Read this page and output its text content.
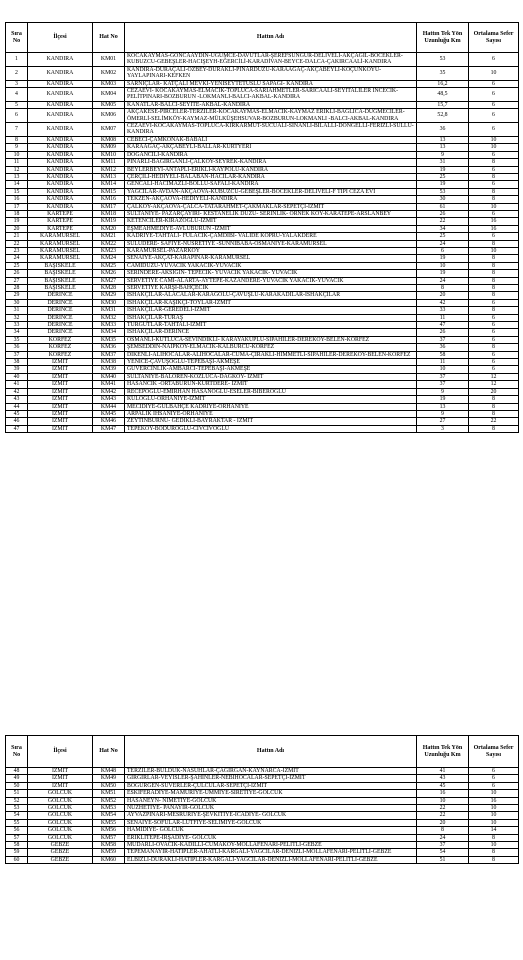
Sıra No	İlçesi	Hat No	Hattın Adı	Hattın Tek Yön Uzunluğu Km	Ortalama Sefer Sayısı
1	KANDIRA	KM01	KOCAKAYMAS-GONCAAYDIN-ÜĞÜMCE-DAVUTLAR-ŞEREFSUNGUR-DELİVELİ-AKÇAĞIL-BÖCEKLER-KUBUZCU-GEBEŞLER-HACIŞEYH-EĞERCİLİ-KARADİVAN-BEYCE-DALCA-ÇAKIRCAALİ-KANDIRA	53	6
2	KANDIRA	KM02	KANDIRA-DURAÇALI-ÖZBEY-DURAKLI-PINARDÜZÜ-KARAAĞAÇ-AKÇABEYLİ-KOÇUNKÖYÜ-YAYLAPINARI-KEFKEN	35	10
3	KANDIRA	KM03	SARNIÇLAR- KATÇALI MEVKİ-YENİSEYTETÜSLÜ SAPAĞI- KANDIRA	16,2	6
4	KANDIRA	KM04	CEZAEVİ- KOCAKAYMAS-ELMACIK-TOPLUCA-SARIAHMETLER-SARICAALİ-SEYİTALİLER İNCECİK-PELİTPINARI-BOZBURUN -LOKMANLI-BALCI-AKBAL-KANDIRA	48,5	6
5	KANDIRA	KM05	KANATLAR-BALCI-SEYİTE-AKBAL-KANDIRA	15,7	6
6	KANDIRA	KM06	AKÇAKESE-PİRCELER-TERZİLER-KOCAKAYMAS-ELMACIK-KAYMAZ ERİKLİ-BAĞLICA-DÜĞMECİLER-ÖMERLİ-SELİMKÖY-KAYMAZ-MÜLKÜŞEHSUVAR-BOZBURUN-LOKMANLI -BALCI-AKBAL-KANDIRA	52,8	6
7	KANDIRA	KM07	CEZAEVİ-KOCAKAYMAS-TOPLUCA-KIRKARMUT-SUCUALİ-SİNANLI-BİLALLI-DÖNGELLİ-FERİZLİ-SÜLLÜ-KANDIRA	36	6
8	KANDIRA	KM08	CEBECİ-ÇAMKONAK-BABALI	13	10
9	KANDIRA	KM09	KARAAĞAÇ-AKÇABEYLİ-BALLAR-KURTYERİ	13	10
10	KANDIRA	KM10	DOĞANCILI-KANDIRA	9	6
11	KANDIRA	KM11	PINARLI-BAĞIRGANLI-ÇALKÖY-SEYREK-KANDIRA	31	8
12	KANDIRA	KM12	BEYLERBEYİ-ANTAPLI-ERİKLİ-KAYPOLU-KANDIRA	19	6
13	KANDIRA	KM13	ÇERÇİLİ-HEDİYELİ-BALABAN-HACILAR-KANDIRA	25	8
14	KANDIRA	KM14	GENCALI-HACIMAZLI-BOLLU-SAFALI-KANDIRA	19	6
15	KANDIRA	KM15	YAĞCILAR-AVDAN-AKÇAOVA-KUBUZCU-GEBEŞLER-BÖCEKLER-DELİVELİ-F TİPİ CEZA EVİ	53	8
16	KANDIRA	KM16	TEKZEN-AKÇAOVA-HEDİYELİ-KANDIRA	30	8
17	KANDIRA	KM17	ÇALKÖY-AKÇAOVA-ÇALCA-TATARAHMET-ÇAKMAKLAR-SEPETÇİ-İZMİT	61	10
18	KARTEPE	KM18	SULTANİYE- PAZARÇAYIRI- KESTANELİK DÜZÜ- SERİNLİK- ÖRNEK KÖY-KARATEPE-ARSLANBEY	26	6
19	KARTEPE	KM19	KETENCİLER-KİRAZOĞLU-İZMİT	22	16
20	KARTEPE	KM20	EŞMEAHMEDİYE-AVLUBURUN -İZMİT	34	16
21	KARAMÜRSEL	KM21	KADRİYE-TAHTALI- FULACIK-ÇAMDİBİ- VALİDE KÖPRÜ-YALAKDERE	25	6
22	KARAMÜRSEL	KM22	SULUDERE- SAFİYE-NUSRETİYE -SUNNİBABA-OSMANİYE-KARAMÜRSEL	24	8
23	KARAMÜRSEL	KM23	KARAMÜRSEL-PAZARKÖY	6	10
24	KARAMÜRSEL	KM24	SENAİYE-AKÇAT-KARAPINAR-KARAMÜRSEL	19	8
25	BAŞİSKELE	KM25	CAMİDÜZÜ-YUVACIK YAKACIK-YUVACIK	10	8
26	BAŞİSKELE	KM26	SERİNDERE-AKSIGIN- TEPECİK- YUVACIK YAKACIK- YUVACIK	19	8
27	BAŞİSKELE	KM27	SERVETİYE CAMİ-ALARTA-AYTEPE-KAZANDERE-YUVACIK YAKACIK-YUVACIK	24	8
28	BAŞİSKELE	KM28	SERVETİYE KARŞI-BAHÇECİK	8	8
29	DERİNCE	KM29	İSHAKÇILAR-ALACALAR-KARAGÖLÜ-ÇAVUŞLU-KARAKADILAR-İSHAKÇILAR	20	8
30	DERİNCE	KM30	İSHAKÇILAR-KAŞIKÇI-TOYLAR-İZMİT	42	6
31	DERİNCE	KM31	İSHAKÇILAR-GEREDELİ-İZMİT	33	8
32	DERİNCE	KM32	İSHAKÇILAR-TURAŞ	11	6
33	DERİNCE	KM33	TURGUTLAR-TAHTALI-İZMİT	47	6
34	DERİNCE	KM34	İSHAKÇILAR-DERİNCE	26	6
35	KÖRFEZ	KM35	OSMANLI-KUTLUCA-SEVİNDİKLİ- KARAYAKUPLU-SİPAHİLER-DEREKÖY-BELEN-KÖRFEZ	37	6
36	KÖRFEZ	KM36	ŞEMSEDDİN-NAİPKÖY-ELMACIK-KALBURCU-KÖRFEZ	36	8
37	KÖRFEZ	KM37	DİKENLİ-ALİHOCALAR-ALİHOCALAR-CUMA-ÇIRAKLI-HİMMETLİ-SİPAHİLER-DEREKÖY-BELEN-KÖRFEZ	58	6
38	İZMİT	KM38	YENİCE-ÇAVUŞOĞLU-TEPEBAŞI-AKMEŞE	11	6
39	İZMİT	KM39	GÜVERCİNLİK-AMBARCI-TEPEBAŞI-AKMEŞE	10	6
40	İZMİT	KM40	SULTANİYE-BALÖREN-KOZLUCA-DAĞKÖY- İZMİT	37	12
41	İZMİT	KM41	HASANCIK -ORTABURUN-KURTDERE- İZMİT	37	12
42	İZMİT	KM42	RECEPOĞLU-EMİRHAN HASANOĞLU-ESELER-BİBEROĞLU	9	20
43	İZMİT	KM43	KULOĞLU-ORHANİYE-İZMİT	19	8
44	İZMİT	KM44	MECİDİYE-GÜLBAHÇE KADRİYE-ORHANİYE	13	8
45	İZMİT	KM45	ARPALIK İHSANİYE-ORHANİYE	9	8
46	İZMİT	KM46	ZEYTİNBURNU- GEDİKLİ-BAYRAKTAR - İZMİT	27	22
47	İZMİT	KM47	TEPEKÖY-BODUROĞLU-CİVCİVOĞLU	3	8
Sıra No	İlçesi	Hat No	Hattın Adı	Hattın Tek Yön Uzunluğu Km	Ortalama Sefer Sayısı
48	İZMİT	KM48	TERZİLER-BULDUK-NASUHLAR-ÇAĞIRGAN-KAYNARCA-İZMİT	41	6
49	İZMİT	KM49	GIRGIRLAR-VEYİSLER-ŞAHİNLER-NEBİHOCALAR-SEPETÇİ-İZMİT	43	6
50	İZMİT	KM50	BOĞURGEN-SÜVERLER-ÇULCULAR-SEPETÇİ-İZMİT	45	6
51	GÖLCÜK	KM51	ESKİFERADİYE-MAMURİYE-ÜMMİYE-SİRETİYE-GÖLCÜK	16	10
52	GÖLCÜK	KM52	HASANEYN- NİMETİYE-GÖLCÜK	10	16
53	GÖLCÜK	KM53	NÜZHETİYE- PANAYIR-GÖLCÜK	22	10
54	GÖLCÜK	KM54	AYVAZPINARI-MESRURİYE-ŞEVKİTİYE-İCADİYE- GÖLCÜK	22	10
55	GÖLCÜK	KM55	SENAİYE-SOFULAR-LÜTFİYE-SELİMİYE-GÖLCÜK	20	10
56	GÖLCÜK	KM56	HAMİDİYE- GÖLCÜK	8	14
57	GÖLCÜK	KM57	ERİKLİTEPE-İRŞADİYE- GÖLCÜK	24	8
58	GEBZE	KM58	MUDARLI-OVACIK-KADILLI-CUMAKÖY-MOLLAFENARİ-PELİTLİ-GEBZE	37	10
59	GEBZE	KM59	TEPEMANAYIR-HATİPLER-AHATLI-KARGALI-YAĞCILAR-DENİZLİ-MOLLAFENARİ-PELİTLİ-GEBZE	54	8
60	GEBZE	KM60	ELBİZLİ-DURAKLI-HATİPLER-KARGALI-YAĞCILAR-DENİZLİ-MOLLAFENARİ-PELİTLİ-GEBZE	51	8
